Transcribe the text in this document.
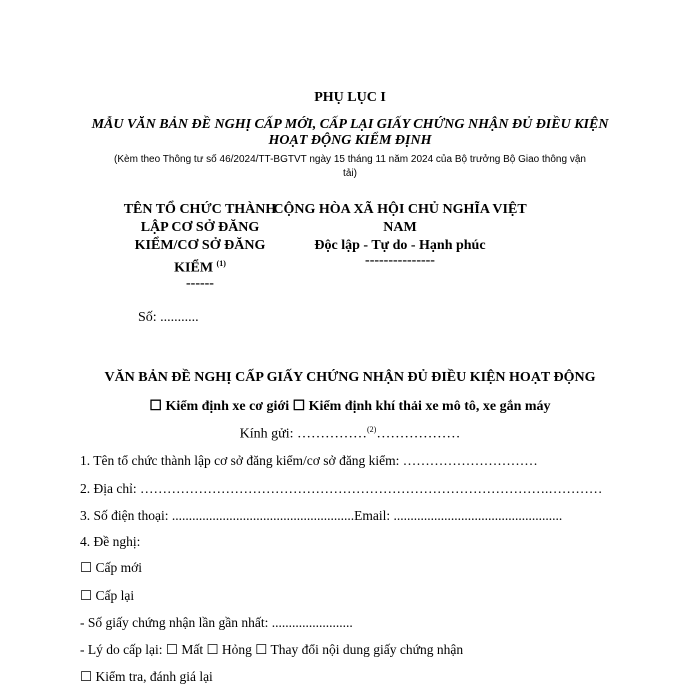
PHỤ LỤC I
MẪU VĂN BẢN ĐỀ NGHỊ CẤP MỚI, CẤP LẠI GIẤY CHỨNG NHẬN ĐỦ ĐIỀU KIỆN
HOẠT ĐỘNG KIỂM ĐỊNH
(Kèm theo Thông tư số 46/2024/TT-BGTVT ngày 15 tháng 11 năm 2024 của Bộ trưởng Bộ Giao thông vận
tải)
TÊN TỔ CHỨC THÀNH
LẬP CƠ SỞ ĐĂNG
KIỂM/CƠ SỞ ĐĂNG
KIỂM $^{(1)}$
------
Số: ...........
CỘNG HÒA XÃ HỘI CHỦ NGHĨA VIỆT
NAM
Độc lập - Tự do - Hạnh phúc
---------------
VĂN BẢN ĐỀ NGHỊ CẤP GIẤY CHỨNG NHẬN ĐỦ ĐIỀU KIỆN HOẠT ĐỘNG
☐ Kiểm định xe cơ giới ☐ Kiểm định khí thải xe mô tô, xe gắn máy
Kính gửi: ……………$^{(2)}$………………
1. Tên tổ chức thành lập cơ sở đăng kiểm/cơ sở đăng kiểm: …………………………
2. Địa chỉ: ……………………………………………………………………………….…………
3. Số điện thoại: ......................................................Email: ..................................................
4. Đề nghị:
☐ Cấp mới
☐ Cấp lại
- Số giấy chứng nhận lần gần nhất: ........................
- Lý do cấp lại: ☐ Mất ☐ Hỏng ☐ Thay đổi nội dung giấy chứng nhận
☐ Kiểm tra, đánh giá lại
